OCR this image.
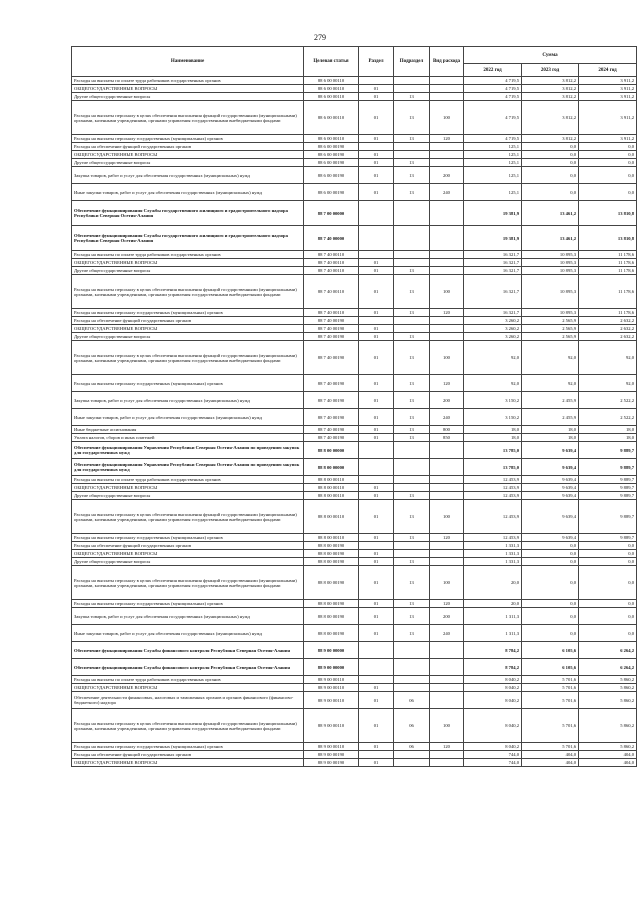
279
Наименование	Целевая статья	Раздел	Подраздел	Вид расхода	Сумма		
					2022 год	2023 год	2024 год
Расходы на выплаты по оплате труда работников государственных органов	88 6 00 00110				4 719,5	3 812,2	3 911,2
ОБЩЕГОСУДАРСТВЕННЫЕ ВОПРОСЫ	88 6 00 00110	01			4 719,5	3 812,2	3 911,2
Другие общегосударственные вопросы	88 6 00 00110	01	13		4 719,5	3 812,2	3 911,2
Расходы на выплаты персоналу в целях обеспечения выполнения функций государственными (муниципальными) органами, казенными учреждениями, органами управления государственными внебюджетными фондами	88 6 00 00110	01	13	100	4 719,5	3 812,2	3 911,2
Расходы на выплаты персоналу государственных (муниципальных) органов	88 6 00 00110	01	13	120	4 719,5	3 812,2	3 911,2
Расходы на обеспечение функций государственных органов	88 6 00 00190				125,1	0,0	0,0
ОБЩЕГОСУДАРСТВЕННЫЕ ВОПРОСЫ	88 6 00 00190	01			125,1	0,0	0,0
Другие общегосударственные вопросы	88 6 00 00190	01	13		125,1	0,0	0,0
Закупка товаров, работ и услуг для обеспечения государственных (муниципальных) нужд	88 6 00 00190	01	13	200	125,1	0,0	0,0
Иные закупки товаров, работ и услуг для обеспечения государственных (муниципальных) нужд	88 6 00 00190	01	13	240	125,1	0,0	0,0
Обеспечение функционирования Службы государственного жилищного и градостроительного надзора Республики Северная Осетия-Алания	88 7 00 00000				19 381,9	13 461,2	13 810,8
Обеспечение функционирования Службы государственного жилищного и градостроительного надзора Республики Северная Осетия-Алания	88 7 40 00000				19 381,9	13 461,2	13 810,8
Расходы на выплаты по оплате труда работников государственных органов	88 7 40 00110				16 321,7	10 895,3	11 178,6
ОБЩЕГОСУДАРСТВЕННЫЕ ВОПРОСЫ	88 7 40 00110	01			16 321,7	10 895,3	11 178,6
Другие общегосударственные вопросы	88 7 40 00110	01	13		16 321,7	10 895,3	11 178,6
Расходы на выплаты персоналу в целях обеспечения выполнения функций государственными (муниципальными) органами, казенными учреждениями, органами управления государственными внебюджетными фондами	88 7 40 00110	01	13	100	16 321,7	10 895,3	11 178,6
Расходы на выплаты персоналу государственных (муниципальных) органов	88 7 40 00110	01	13	120	16 321,7	10 895,3	11 178,6
Расходы на обеспечение функций государственных органов	88 7 40 00190				3 260,2	2 565,9	2 632,2
ОБЩЕГОСУДАРСТВЕННЫЕ ВОПРОСЫ	88 7 40 00190	01			3 260,2	2 565,9	2 632,2
Другие общегосударственные вопросы	88 7 40 00190	01	13		3 260,2	2 565,9	2 632,2
Расходы на выплаты персоналу в целях обеспечения выполнения функций государственными (муниципальными) органами, казенными учреждениями, органами управления государственными внебюджетными фондами	88 7 40 00190	01	13	100	92,0	92,0	92,0
Расходы на выплаты персоналу государственных (муниципальных) органов	88 7 40 00190	01	13	120	92,0	92,0	92,0
Закупка товаров, работ и услуг для обеспечения государственных (муниципальных) нужд	88 7 40 00190	01	13	200	3 150,2	2 455,9	2 522,2
Иные закупки товаров, работ и услуг для обеспечения государственных (муниципальных) нужд	88 7 40 00190	01	13	240	3 150,2	2 455,9	2 522,2
Иные бюджетные ассигнования	88 7 40 00190	01	13	800	18,0	18,0	18,0
Уплата налогов, сборов и иных платежей	88 7 40 00190	01	13	850	18,0	18,0	18,0
Обеспечение функционирования Управления Республики Северная Осетия-Алания по проведению закупок для государственных нужд	88 8 00 00000				13 785,0	9 639,4	9 889,7
Обеспечение функционирования Управления Республики Северная Осетия-Алания по проведению закупок для государственных нужд	88 8 00 00000				13 785,0	9 639,4	9 889,7
Расходы на выплаты по оплате труда работников государственных органов	88 8 00 00110				12 453,9	9 639,4	9 889,7
ОБЩЕГОСУДАРСТВЕННЫЕ ВОПРОСЫ	88 8 00 00110	01			12 453,9	9 639,4	9 889,7
Другие общегосударственные вопросы	88 8 00 00110	01	13		12 453,9	9 639,4	9 889,7
Расходы на выплаты персоналу в целях обеспечения выполнения функций государственными (муниципальными) органами, казенными учреждениями, органами управления государственными внебюджетными фондами	88 8 00 00110	01	13	100	12 453,9	9 639,4	9 889,7
Расходы на выплаты персоналу государственных (муниципальных) органов	88 8 00 00110	01	13	120	12 453,9	9 639,4	9 889,7
Расходы на обеспечение функций государственных органов	88 8 00 00190				1 331,3	0,0	0,0
ОБЩЕГОСУДАРСТВЕННЫЕ ВОПРОСЫ	88 8 00 00190	01			1 331,3	0,0	0,0
Другие общегосударственные вопросы	88 8 00 00190	01	13		1 331,3	0,0	0,0
Расходы на выплаты персоналу в целях обеспечения выполнения функций государственными (муниципальными) органами, казенными учреждениями, органами управления государственными внебюджетными фондами	88 8 00 00190	01	13	100	20,0	0,0	0,0
Расходы на выплаты персоналу государственных (муниципальных) органов	88 8 00 00190	01	13	120	20,0	0,0	0,0
Закупка товаров, работ и услуг для обеспечения государственных (муниципальных) нужд	88 8 00 00190	01	13	200	1 311,3	0,0	0,0
Иные закупки товаров, работ и услуг для обеспечения государственных (муниципальных) нужд	88 8 00 00190	01	13	240	1 311,3	0,0	0,0
Обеспечение функционирования Службы финансового контроля Республики Северная Осетия-Алания	88 9 00 00000				8 784,2	6 105,6	6 264,2
Обеспечение функционирования Службы финансового контроля Республики Северная Осетия-Алания	88 9 00 00000				8 784,2	6 105,6	6 264,2
Расходы на выплаты по оплате труда работников государственных органов	88 9 00 00110				8 040,2	5 701,6	5 860,2
ОБЩЕГОСУДАРСТВЕННЫЕ ВОПРОСЫ	88 9 00 00110	01			8 040,2	5 701,6	5 860,2
Обеспечение деятельности финансовых, налоговых и таможенных органов и органов финансового (финансово-бюджетного) надзора	88 9 00 00110	01	06		8 040,2	5 701,6	5 860,2
Расходы на выплаты персоналу в целях обеспечения выполнения функций государственными (муниципальными) органами, казенными учреждениями, органами управления государственными внебюджетными фондами	88 9 00 00110	01	06	100	8 040,2	5 701,6	5 860,2
Расходы на выплаты персоналу государственных (муниципальных) органов	88 9 00 00110	01	06	120	8 040,2	5 701,6	5 860,2
Расходы на обеспечение функций государственных органов	88 9 00 00190				744,0	404,0	404,0
ОБЩЕГОСУДАРСТВЕННЫЕ ВОПРОСЫ	88 9 00 00190	01			744,0	404,0	404,0
